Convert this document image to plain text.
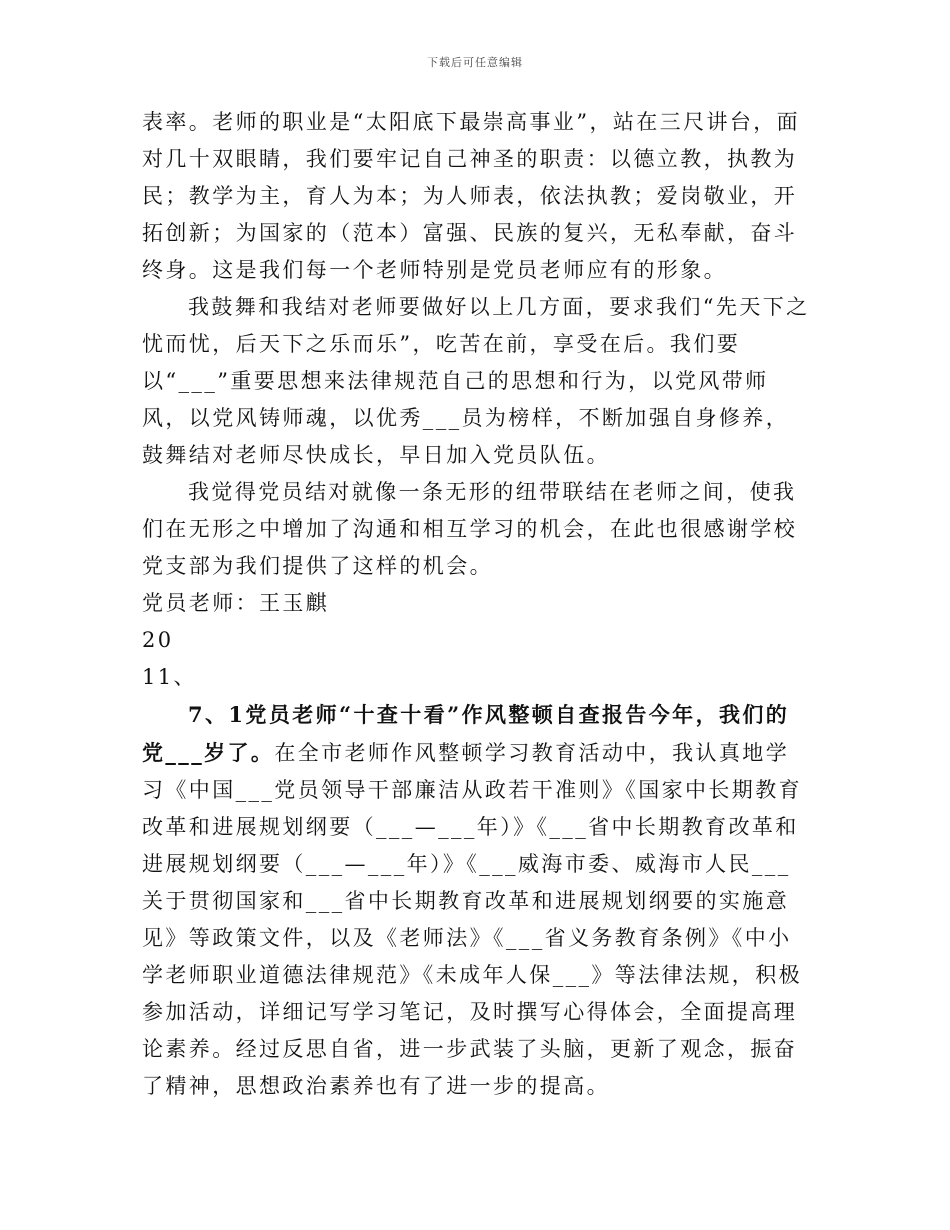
下载后可任意编辑

表率。老师的职业是“太阳底下最崇高事业”，站在三尺讲台，面对几十双眼睛，我们要牢记自己神圣的职责：以德立教，执教为民；教学为主，育人为本；为人师表，依法执教；爱岗敬业，开拓创新；为国家的（范本）富强、民族的复兴，无私奉献，奋斗终身。这是我们每一个老师特别是党员老师应有的形象。

我鼓舞和我结对老师要做好以上几方面，要求我们“先天下之忧而忧，后天下之乐而乐”，吃苦在前，享受在后。我们要以“___”重要思想来法律规范自己的思想和行为，以党风带师风，以党风铸师魂，以优秀___员为榜样，不断加强自身修养，鼓舞结对老师尽快成长，早日加入党员队伍。

我觉得党员结对就像一条无形的纽带联结在老师之间，使我们在无形之中增加了沟通和相互学习的机会，在此也很感谢学校党支部为我们提供了这样的机会。

党员老师：王玉麒

20

11、

7、1党员老师“十查十看”作风整顿自查报告今年，我们的党___岁了。在全市老师作风整顿学习教育活动中，我认真地学习《中国___党员领导干部廉洁从政若干准则》《国家中长期教育改革和进展规划纲要（___—___年）》《___省中长期教育改革和进展规划纲要（___—___年）》《___威海市委、威海市人民___关于贯彻国家和___省中长期教育改革和进展规划纲要的实施意见》等政策文件，以及《老师法》《___省义务教育条例》《中小学老师职业道德法律规范》《未成年人保___》等法律法规，积极参加活动，详细记写学习笔记，及时撰写心得体会，全面提高理论素养。经过反思自省，进一步武装了头脑，更新了观念，振奋了精神，思想政治素养也有了进一步的提高。
